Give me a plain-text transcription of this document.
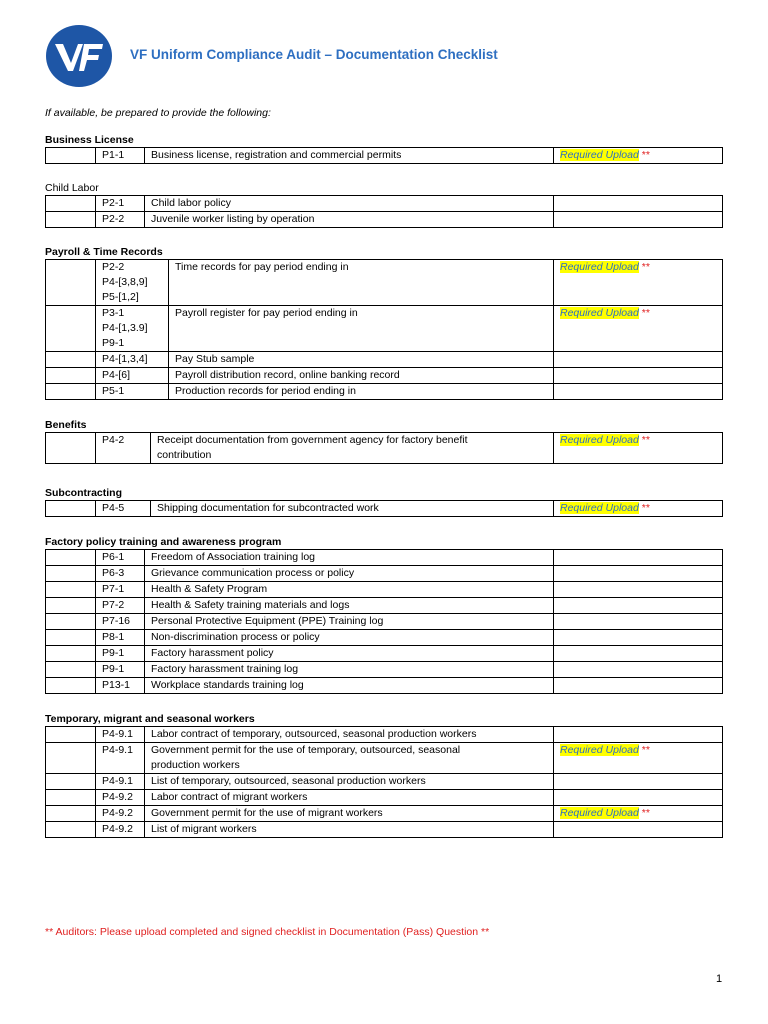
VF Uniform Compliance Audit – Documentation Checklist
If available, be prepared to provide the following:
Business License
	P1-1	Business license, registration and commercial permits	Required Upload **
Child Labor
	P2-1	Child labor policy	
	P2-2	Juvenile worker listing by operation	
Payroll & Time Records
	P2-2
P4-[3,8,9]
P5-[1,2]	Time records for pay period ending in	Required Upload **
	P3-1
P4-[1,3.9]
P9-1	Payroll register for pay period ending in	Required Upload **
	P4-[1,3,4]	Pay Stub sample	
	P4-[6]	Payroll distribution record, online banking record	
	P5-1	Production records for period ending in	
Benefits
	P4-2	Receipt documentation from government agency for factory benefit
contribution	Required Upload **
Subcontracting
	P4-5	Shipping documentation for subcontracted work	Required Upload **
Factory policy training and awareness program
	P6-1	Freedom of Association training log	
	P6-3	Grievance communication process or policy	
	P7-1	Health & Safety Program	
	P7-2	Health & Safety training materials and logs	
	P7-16	Personal Protective Equipment (PPE) Training log	
	P8-1	Non-discrimination process or policy	
	P9-1	Factory harassment policy	
	P9-1	Factory harassment training log	
	P13-1	Workplace standards training log	
Temporary, migrant and seasonal workers
	P4-9.1	Labor contract of temporary, outsourced, seasonal production workers	
	P4-9.1	Government permit for the use of temporary, outsourced, seasonal
production workers	Required Upload **
	P4-9.1	List of temporary, outsourced, seasonal production workers	
	P4-9.2	Labor contract of migrant workers	
	P4-9.2	Government permit for the use of migrant workers	Required Upload **
	P4-9.2	List of migrant workers	
** Auditors: Please upload completed and signed checklist in Documentation (Pass) Question **
1
